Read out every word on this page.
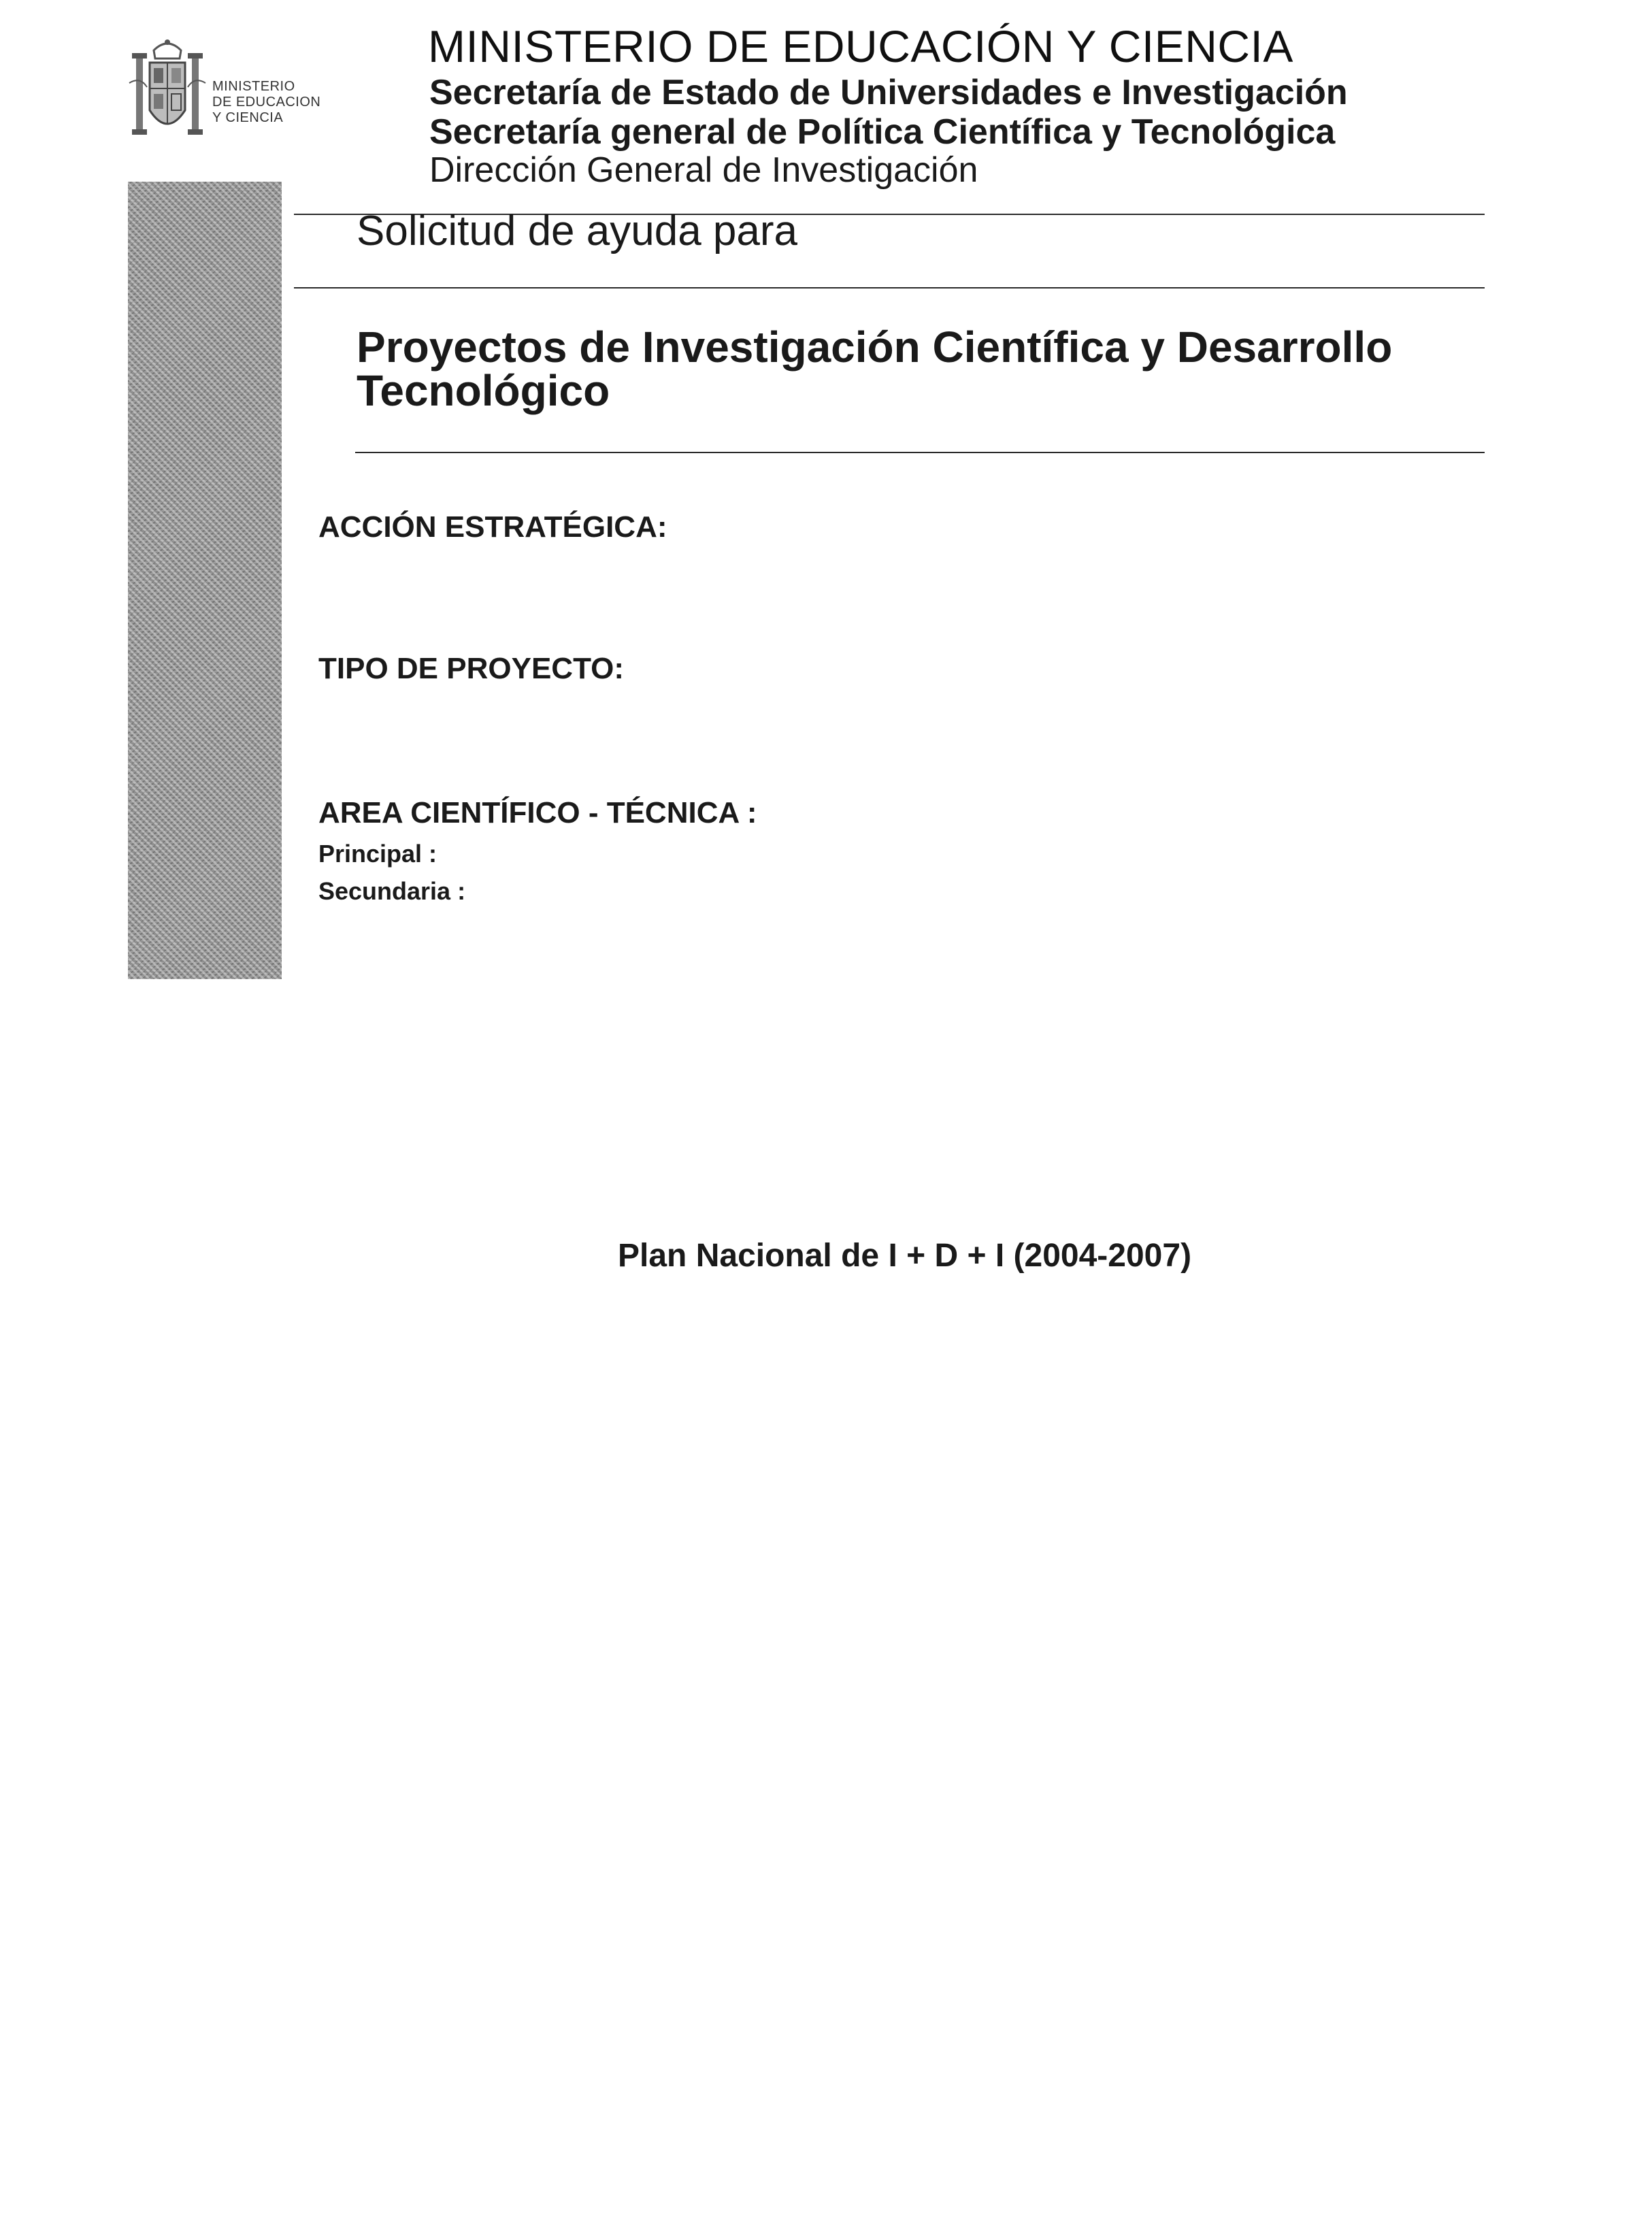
MINISTERIO
DE EDUCACION
Y CIENCIA
MINISTERIO DE EDUCACIÓN Y CIENCIA
Secretaría de Estado de Universidades e Investigación
Secretaría general de Política Científica y Tecnológica
Dirección General de Investigación
Solicitud de ayuda para
Proyectos de Investigación Científica y Desarrollo
Tecnológico
ACCIÓN ESTRATÉGICA:
TIPO DE PROYECTO:
AREA CIENTÍFICO - TÉCNICA :
Principal :
Secundaria :
Plan Nacional de I + D + I (2004-2007)
